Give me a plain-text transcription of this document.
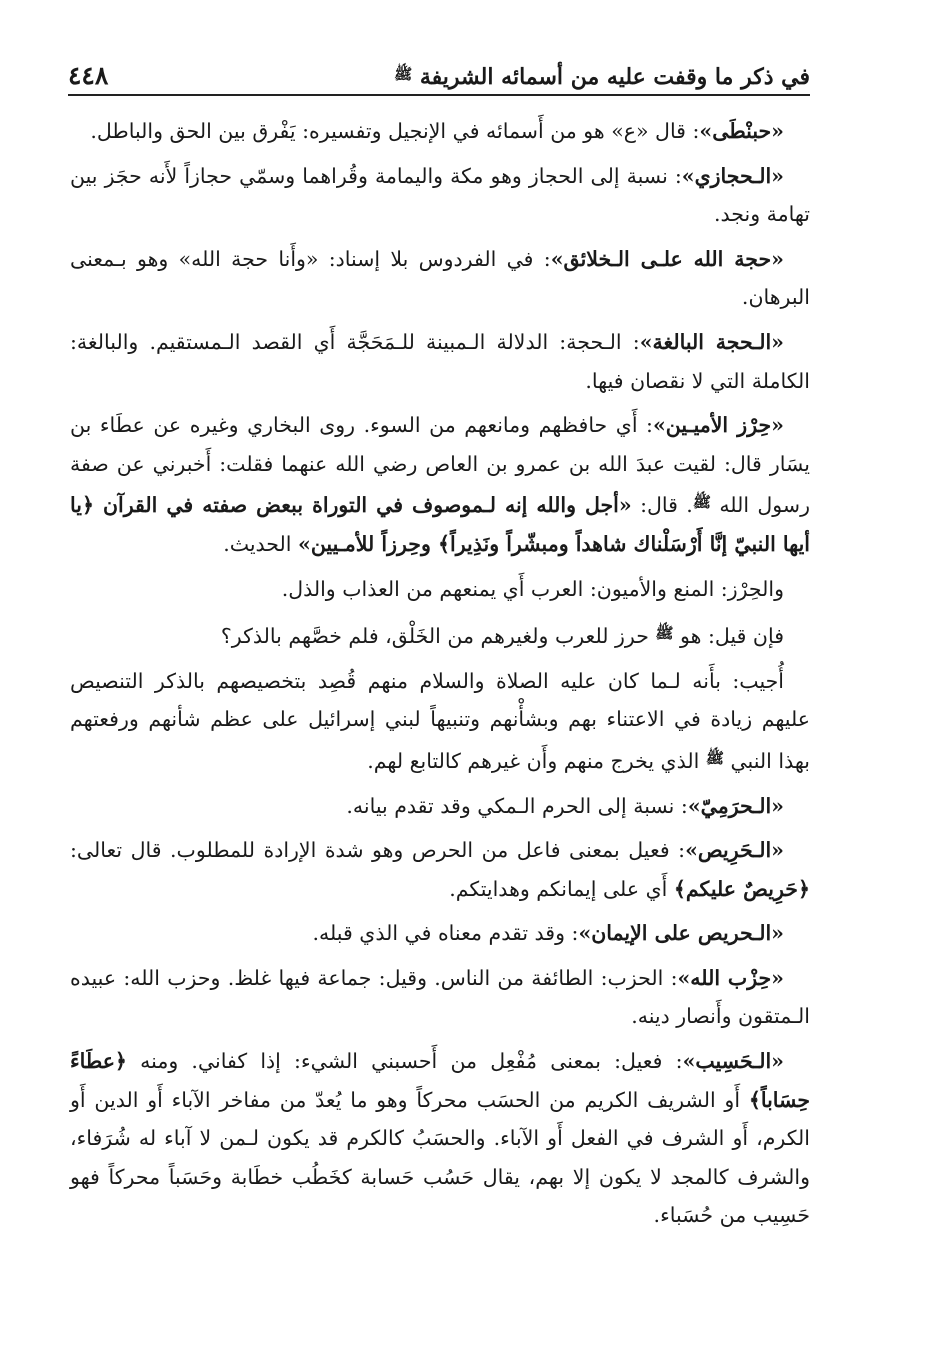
في ذكر ما وقفت عليه من أسمائه الشريفة $^ﷺ$
٤٤٨

«حبنْطَى»: قال «ع» هو من أَسمائه في الإنجيل وتفسيره: يَفْرق بين الحق والباطل.

«الـحجازي»: نسبة إلى الحجاز وهو مكة واليمامة وقُراهما وسمّي حجازاً لأَنه حجَز بين تهامة ونجد.

«حجة الله علـى الـخلائق»: في الفردوس بلا إسناد: «وأَنا حجة الله» وهو بـمعنى البرهان.

«الـحجة البالغة»: الـحجة: الدلالة الـمبينة للـمَحَجَّة أَي القصد الـمستقيم. والبالغة: الكاملة التي لا نقصان فيها.

«حِرْز الأميـين»: أَي حافظهم ومانعهم من السوء. روى البخاري وغيره عن عطَاء بن يسَار قال: لقيت عبدَ الله بن عمرو بن العاص رضي الله عنهما فقلت: أَخبرني عن صفة رسول الله $^ﷺ$. قال: «أجل والله إنه لـموصوف في التوراة ببعض صفته في القرآن ﴿يا أيها النبيّ إنَّا أَرْسَلْناك شاهداً ومبشّراً ونَذِيراً﴾ وحِرزاً للأمـيين» الحديث.

والحِرْز: المنع والأميون: العرب أَي يمنعهم من العذاب والذل.

فإن قيل: هو $^ﷺ$ حرز للعرب ولغيرهم من الخَلْق، فلم خصَّهم بالذكر؟

أُجيب: بأَنه لـما كان عليه الصلاة والسلام منهم قُصِد بتخصيصهم بالذكر التنصيص عليهم زيادة في الاعتناء بهم وبشأْنهم وتنبيهاً لبني إسرائيل على عظم شأنهم ورفعتهم بهذا النبي $^ﷺ$ الذي يخرج منهم وأَن غيرهم كالتابع لهم.

«الـحرَمِيّ»: نسبة إلى الحرم الـمكي وقد تقدم بيانه.

«الـحَرِيص»: فعيل بمعنى فاعل من الحرص وهو شدة الإرادة للمطلوب. قال تعالى: ﴿حَرِيصٌ عليكم﴾ أَي على إيمانكم وهدايتكم.

«الـحريص على الإيمان»: وقد تقدم معناه في الذي قبله.

«حِزْب الله»: الحزب: الطائفة من الناس. وقيل: جماعة فيها غلظ. وحزب الله: عبيده الـمتقون وأَنصار دينه.

«الـحَسِيب»: فعيل: بمعنى مُفْعِل من أَحسبني الشيء: إذا كفاني. ومنه ﴿عطَاءً حِسَاباً﴾ أَو الشريف الكريم من الحسَب محركاً وهو ما يُعدّ من مفاخر الآباء أَو الدين أَو الكرم، أَو الشرف في الفعل أَو الآباء. والحسَبُ كالكرم قد يكون لـمن لا آباء له شُرَفاء، والشرف كالمجد لا يكون إلا بهم، يقال حَسُب حَسابة كخَطُب خطَابة وحَسَباً محركاً فهو حَسِيب من حُسَباء.
